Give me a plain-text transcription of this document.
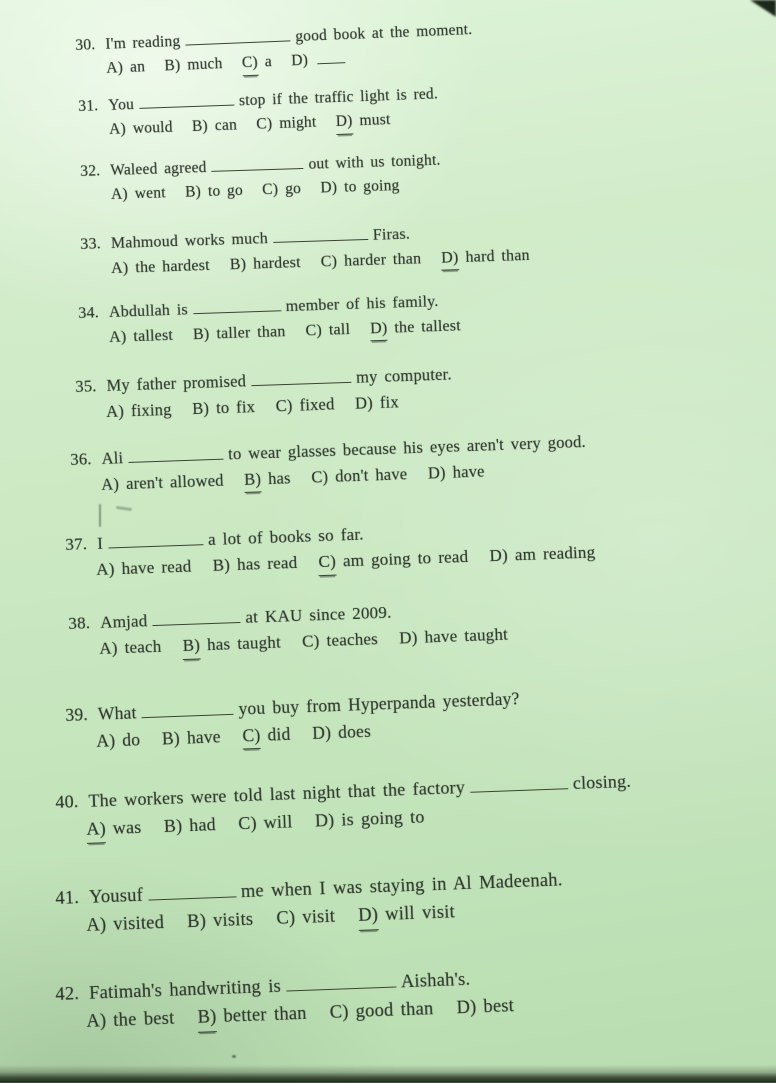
30. I'm reading	good book at the moment.
A) an B) much C) a D)
31. You	stop if the traffic light is red.
A) would B) can C) might D) must
32. Waleed agreed	out with us tonight.
A) went B) to go C) go D) to going
33. Mahmoud works much	Firas.
A) the hardest B) hardest C) harder than D) hard than
34. Abdullah is	member of his family.
A) tallest B) taller than C) tall D) the tallest
35. My father promised	my computer.
A) fixing B) to fix C) fixed D) fix
36. Ali	to wear glasses because his eyes aren't very good.
A) aren't allowed B) has C) don't have D) have
37. I	a lot of books so far.
A) have read B) has read C) am going to read D) am reading
38. Amjad	at KAU since 2009.
A) teach B) has taught C) teaches D) have taught
39. What	you buy from Hyperpanda yesterday?
A) do B) have C) did D) does
40. The workers were told last night that the factory	closing.
A) was B) had C) will D) is going to
41. Yousuf	me when I was staying in Al Madeenah.
A) visited B) visits C) visit D) will visit
42. Fatimah's handwriting is	Aishah's.
A) the best B) better than C) good than D) best
